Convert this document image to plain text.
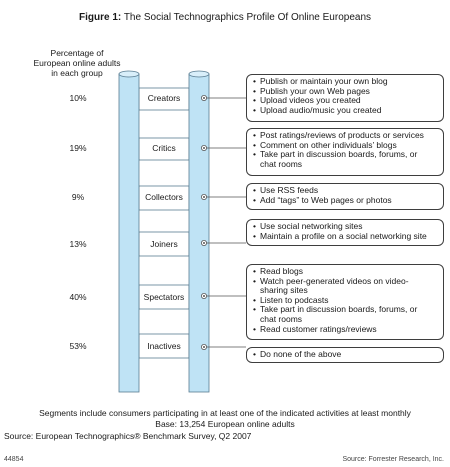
Figure 1: The Social Technographics Profile Of Online Europeans
Percentage of
European online adults
in each group
10%
19%
9%
13%
40%
53%
Creators
Critics
Collectors
Joiners
Spectators
Inactives
• Publish or maintain your own blog
• Publish your own Web pages
• Upload videos you created
• Upload audio/music you created
• Post ratings/reviews of products or services
• Comment on other individuals’ blogs
• Take part in discussion boards, forums, or chat rooms
• Use RSS feeds
• Add “tags” to Web pages or photos
• Use social networking sites
• Maintain a profile on a social networking site
• Read blogs
• Watch peer-generated videos on video-sharing sites
• Listen to podcasts
• Take part in discussion boards, forums, or chat rooms
• Read customer ratings/reviews
• Do none of the above
Segments include consumers participating in at least one of the indicated activities at least monthly
Base: 13,254 European online adults
Source: European Technographics® Benchmark Survey, Q2 2007
44854	Source: Forrester Research, Inc.
